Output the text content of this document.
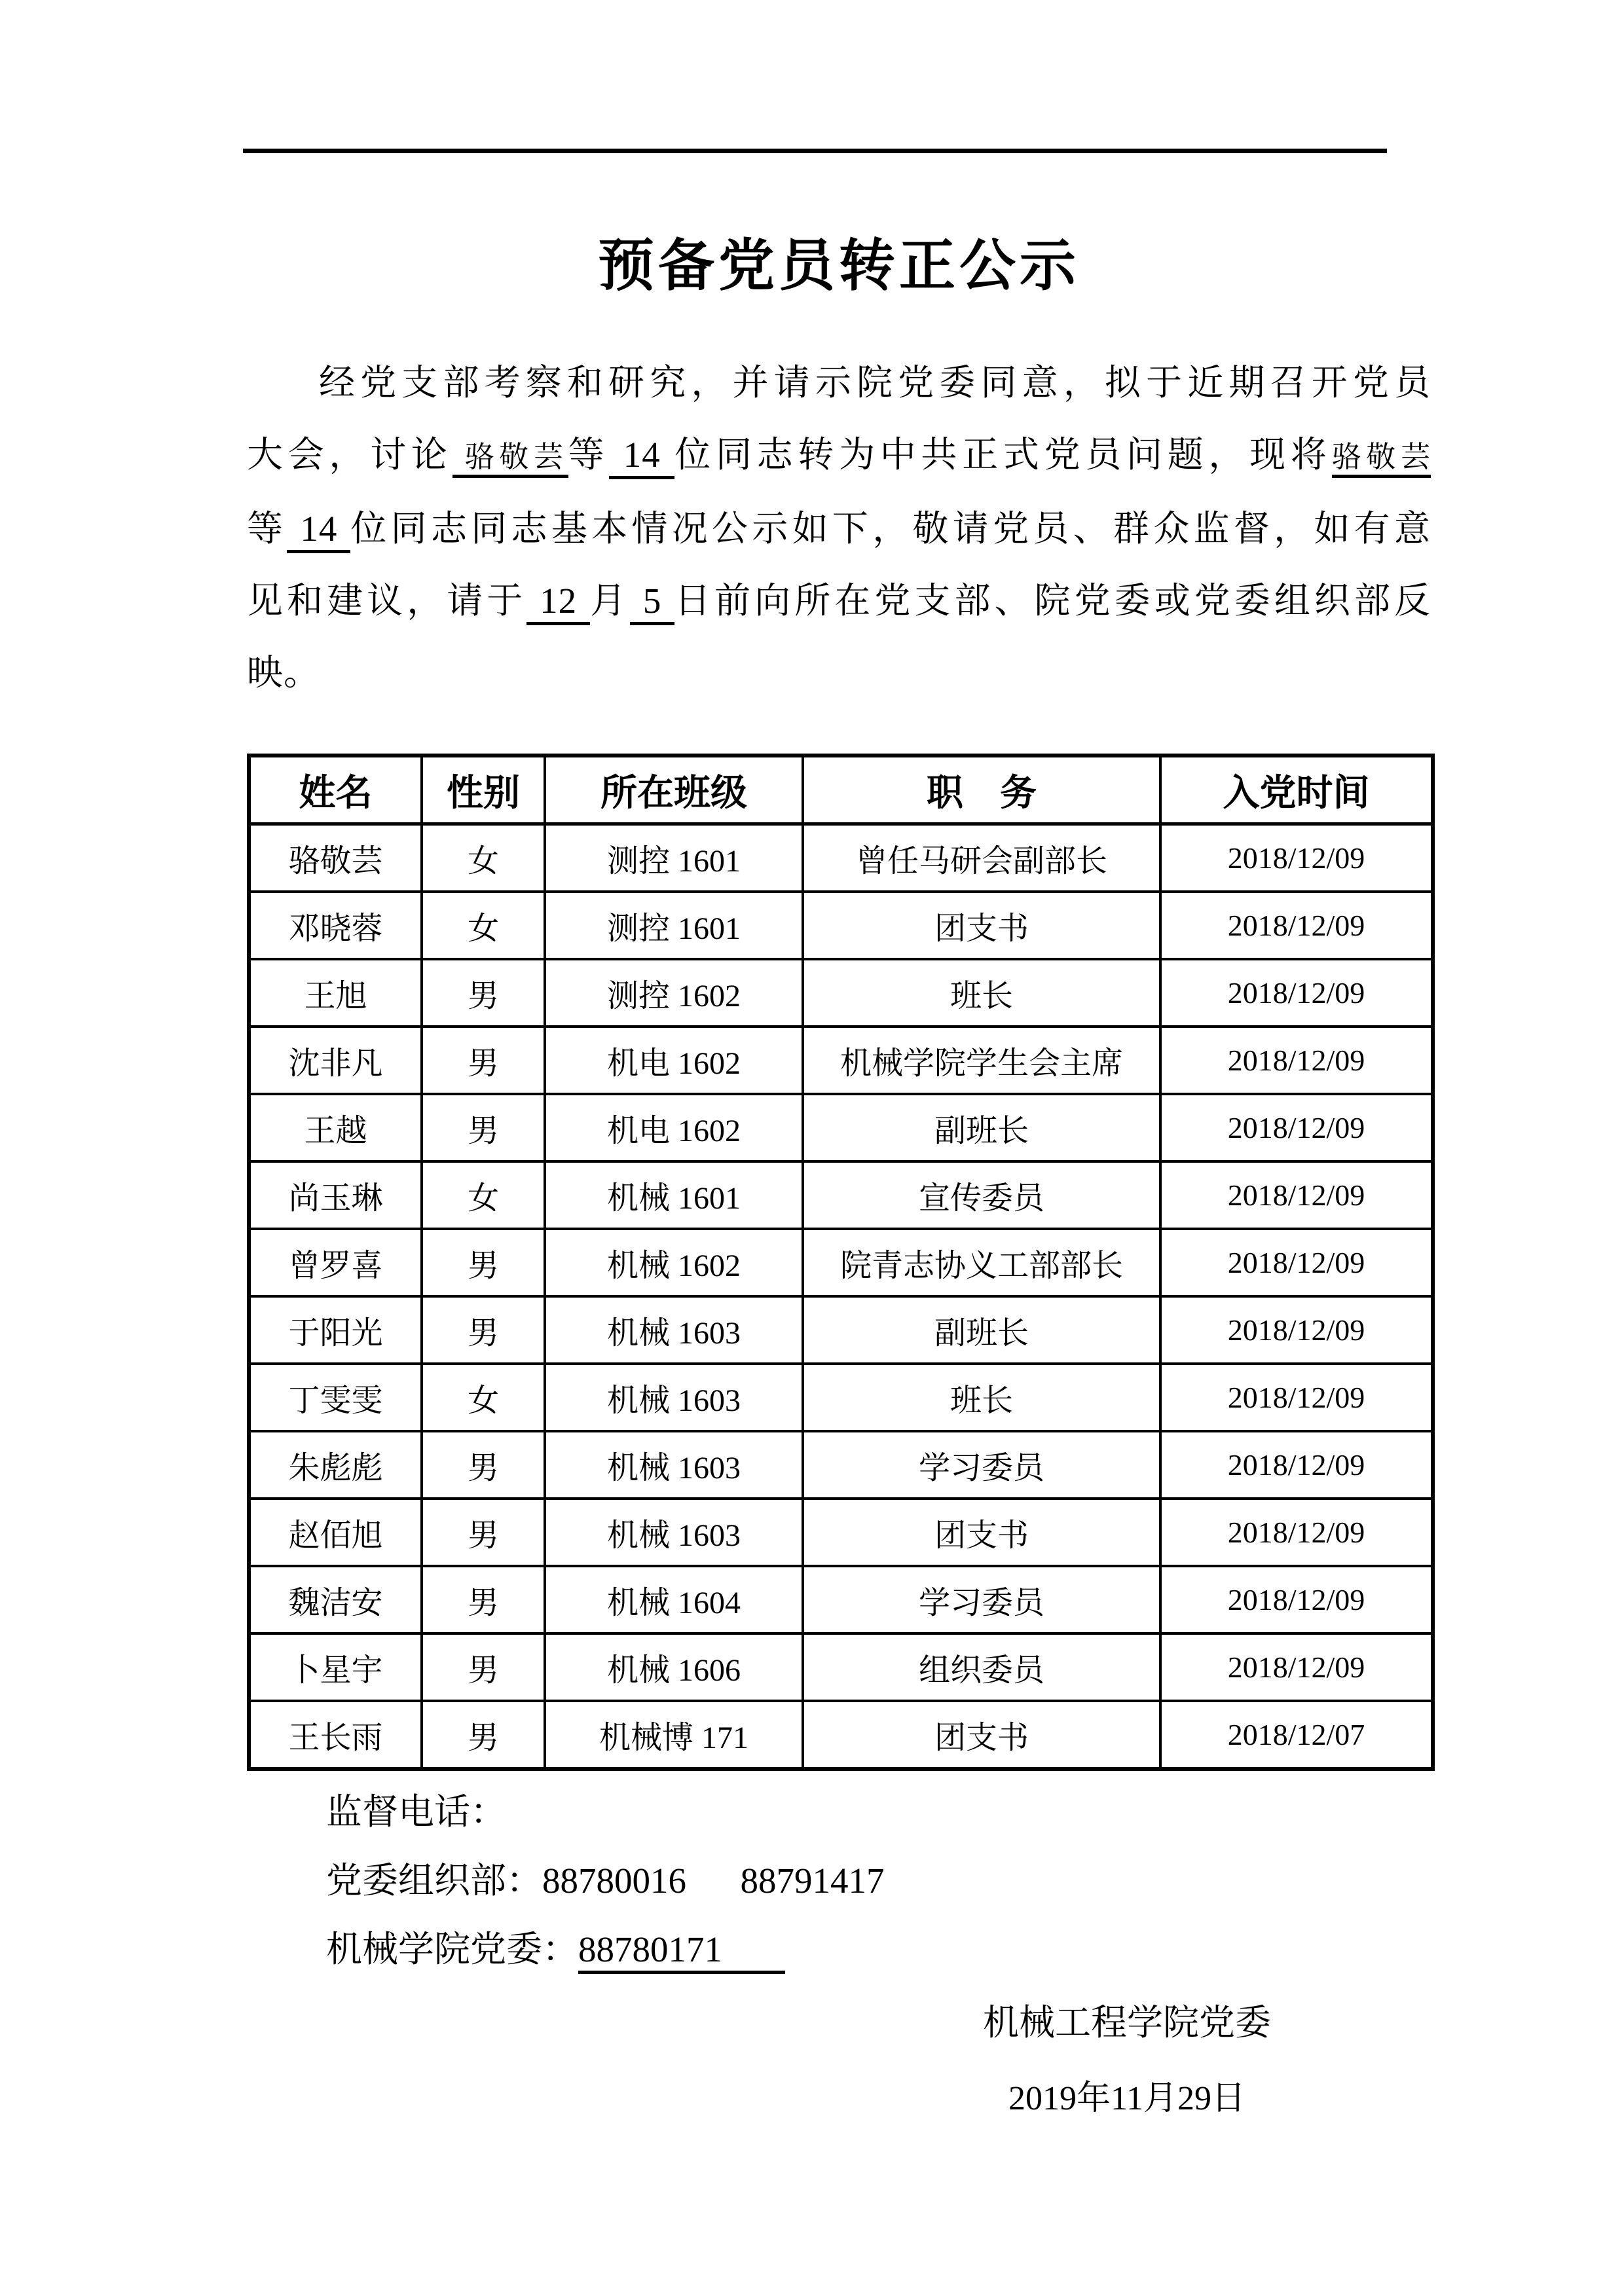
预备党员转正公示
经党支部考察和研究，并请示院党委同意，拟于近期召开党员
大会，讨论 骆敬芸等 14 位同志转为中共正式党员问题，现将骆敬芸
等 14 位同志同志基本情况公示如下，敬请党员、群众监督，如有意
见和建议，请于 12 月 5 日前向所在党支部、院党委或党委组织部反
映。
姓名	性别	所在班级	职　务	入党时间
骆敬芸	女	测控 1601	曾任马研会副部长	2018/12/09
邓晓蓉	女	测控 1601	团支书	2018/12/09
王旭	男	测控 1602	班长	2018/12/09
沈非凡	男	机电 1602	机械学院学生会主席	2018/12/09
王越	男	机电 1602	副班长	2018/12/09
尚玉琳	女	机械 1601	宣传委员	2018/12/09
曾罗喜	男	机械 1602	院青志协义工部部长	2018/12/09
于阳光	男	机械 1603	副班长	2018/12/09
丁雯雯	女	机械 1603	班长	2018/12/09
朱彪彪	男	机械 1603	学习委员	2018/12/09
赵佰旭	男	机械 1603	团支书	2018/12/09
魏洁安	男	机械 1604	学习委员	2018/12/09
卜星宇	男	机械 1606	组织委员	2018/12/09
王长雨	男	机械博 171	团支书	2018/12/07
监督电话：
党委组织部：88780016      88791417
机械学院党委：88780171
机械工程学院党委
2019年11月29日
